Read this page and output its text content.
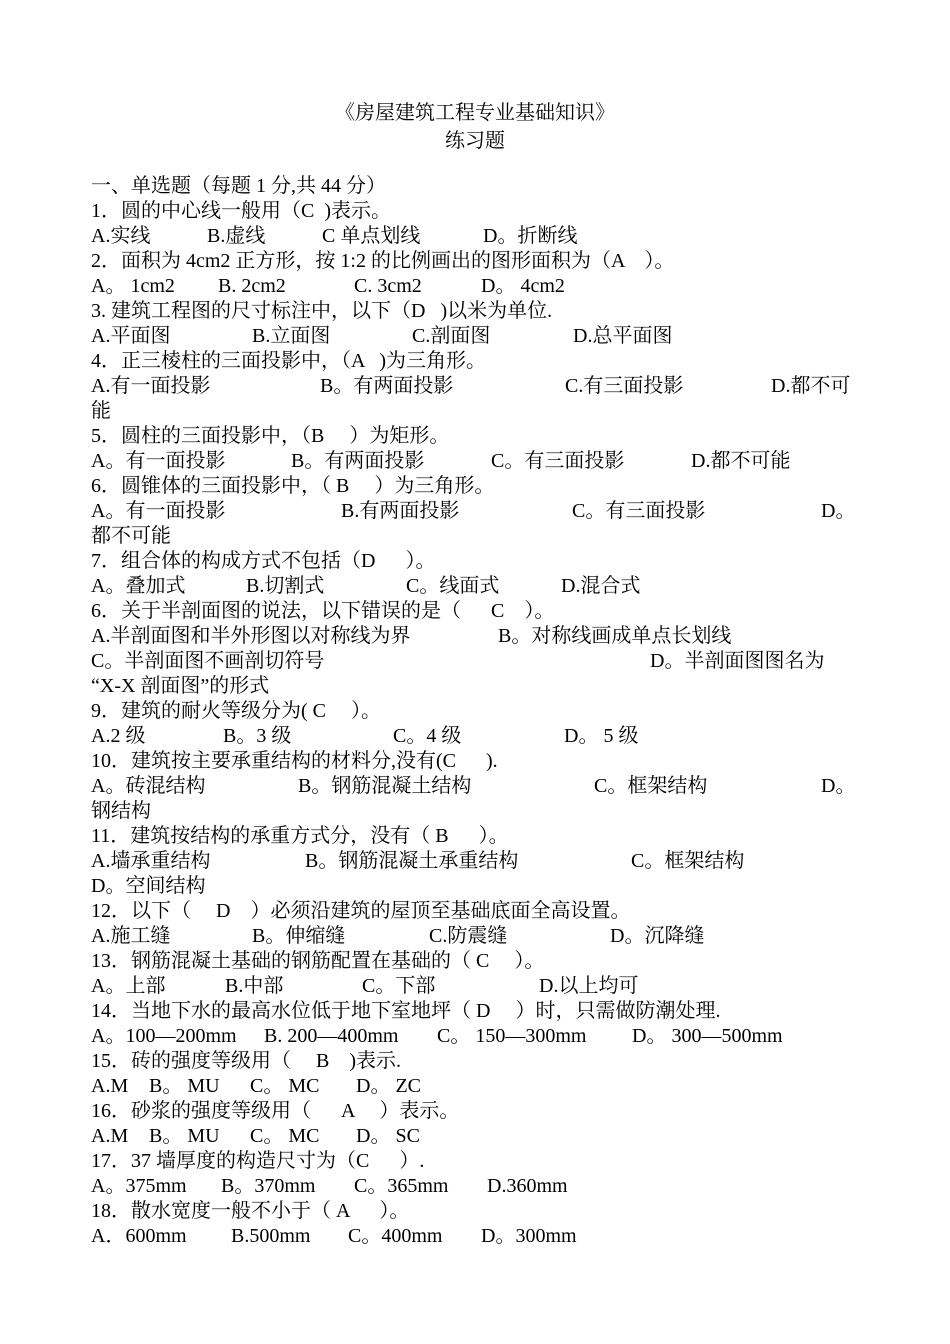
《房屋建筑工程专业基础知识》
练习题
一、单选题（每题 1 分,共 44 分）
1．圆的中心线一般用（C  )表示。
A.实线	B.虚线	C 单点划线	D。折断线
2．面积为 4cm2 正方形，按 1:2 的比例画出的图形面积为（A    ）。
A。 1cm2 B. 2cm2	C. 3cm2	D。 4cm2
3. 建筑工程图的尺寸标注中，以下（D   )以米为单位.
A.平面图	B.立面图	C.剖面图	D.总平面图
4．正三棱柱的三面投影中，（A   )为三角形。
A.有一面投影	B。有两面投影	C.有三面投影	D.都不可
能
5．圆柱的三面投影中，（B     ）为矩形。
A。有一面投影	B。有两面投影	C。有三面投影	D.都不可能
6．圆锥体的三面投影中，（ B     ）为三角形。
A。有一面投影	B.有两面投影	C。有三面投影	D。
都不可能
7．组合体的构成方式不包括（D      ）。
A。叠加式	B.切割式	C。线面式	D.混合式
6．关于半剖面图的说法，以下错误的是（      C    ）。
A.半剖面图和半外形图以对称线为界	B。对称线画成单点长划线
C。半剖面图不画剖切符号	D。半剖面图图名为
“X-X 剖面图”的形式
9．建筑的耐火等级分为( C     ）。
A.2 级	B。3 级	C。4 级	D。 5 级
10．建筑按主要承重结构的材料分,没有(C      ).
A。砖混结构	B。钢筋混凝土结构	C。框架结构	D。
钢结构
11．建筑按结构的承重方式分，没有（ B      ）。
A.墙承重结构	B。钢筋混凝土承重结构	C。框架结构
D。空间结构
12．以下（     D    ）必须沿建筑的屋顶至基础底面全高设置。
A.施工缝	B。伸缩缝	C.防震缝	D。沉降缝
13．钢筋混凝土基础的钢筋配置在基础的（ C     ）。
A。上部	B.中部	C。下部	D.以上均可
14．当地下水的最高水位低于地下室地坪（ D     ）时，只需做防潮处理.
A。100—200mm B. 200—400mm C。 150—300mm D。 300—500mm
15．砖的强度等级用（     B    )表示.
A.M B。 MU C。 MC D。 ZC
16．砂浆的强度等级用（      A     ）表示。
A.M B。 MU C。 MC D。 SC
17．37 墙厚度的构造尺寸为（C      ）.
A。375mm B。370mm C。365mm D.360mm
18．散水宽度一般不小于（ A      ）。
A．600mm B.500mm C。400mm D。300mm
